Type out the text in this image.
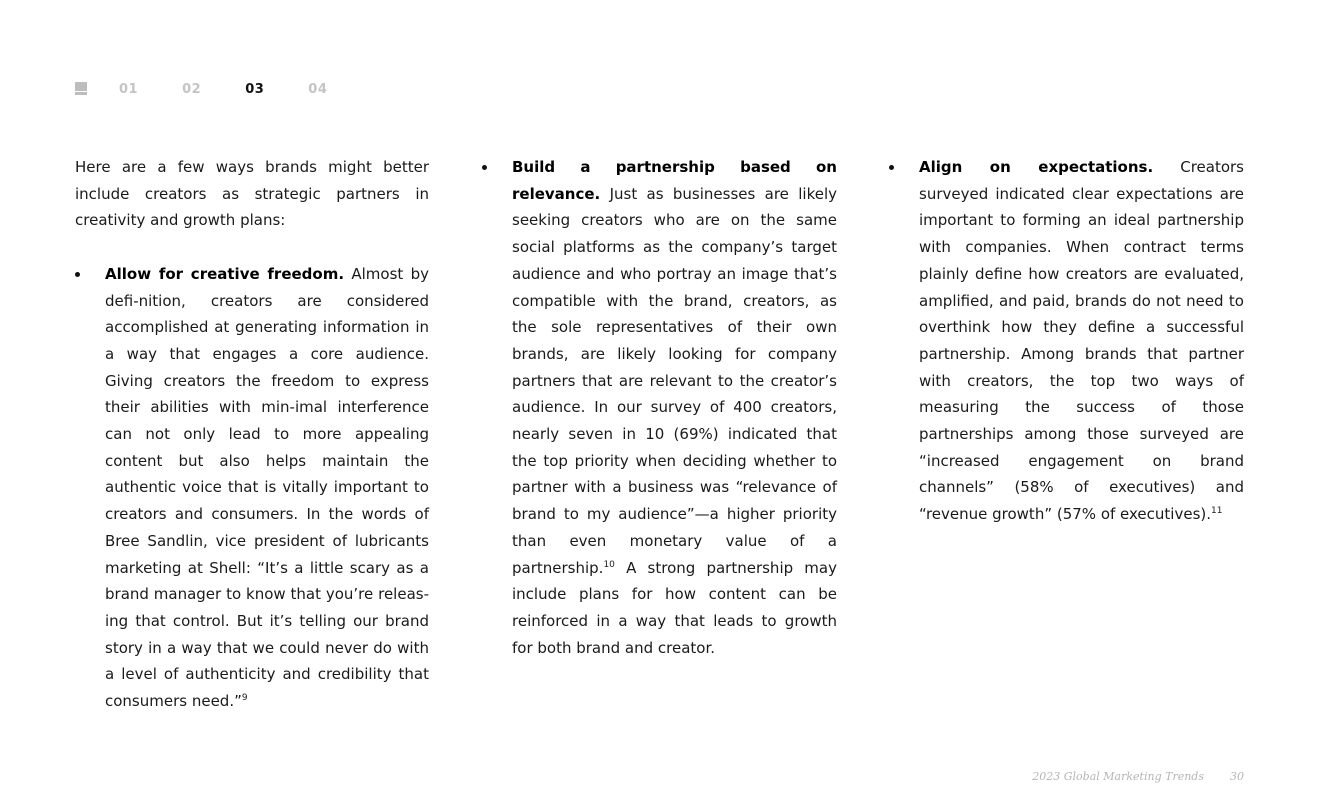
01	02	03	04

Here are a few ways brands might better include creators as strategic partners in creativity and growth plans:

Allow for creative freedom. Almost by defi-nition, creators are considered accomplished at generating information in a way that engages a core audience. Giving creators the freedom to express their abilities with min-imal interference can not only lead to more appealing content but also helps maintain the authentic voice that is vitally important to creators and consumers. In the words of Bree Sandlin, vice president of lubricants marketing at Shell: “It’s a little scary as a brand manager to know that you’re releas-ing that control. But it’s telling our brand story in a way that we could never do with a level of authenticity and credibility that consumers need.”$^9$

Build a partnership based on relevance. Just as businesses are likely seeking creators who are on the same social platforms as the company’s target audience and who portray an image that’s compatible with the brand, creators, as the sole representatives of their own brands, are likely looking for company partners that are relevant to the creator’s audience. In our survey of 400 creators, nearly seven in 10 (69%) indicated that the top priority when deciding whether to partner with a business was “relevance of brand to my audience”—a higher priority than even monetary value of a partnership.$^{10}$ A strong partnership may include plans for how content can be reinforced in a way that leads to growth for both brand and creator.

Align on expectations. Creators surveyed indicated clear expectations are important to forming an ideal partnership with companies. When contract terms plainly define how creators are evaluated, amplified, and paid, brands do not need to overthink how they define a successful partnership. Among brands that partner with creators, the top two ways of measuring the success of those partnerships among those surveyed are “increased engagement on brand channels” (58% of executives) and “revenue growth” (57% of executives).$^{11}$

2023 Global Marketing Trends 30
